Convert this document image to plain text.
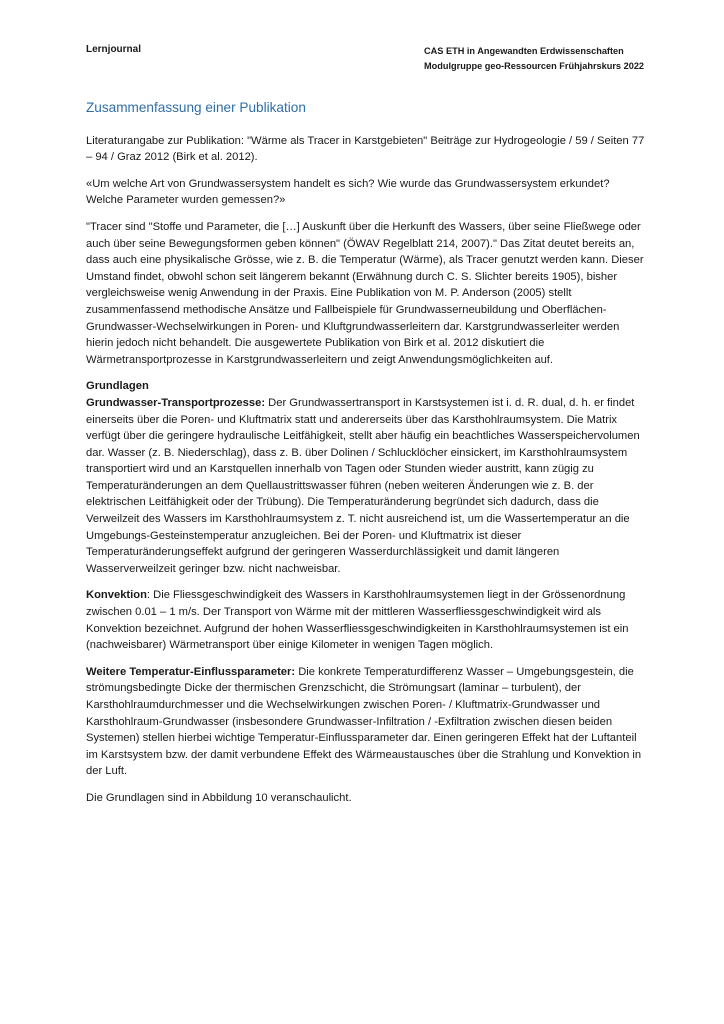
Lernjournal	CAS ETH in Angewandten Erdwissenschaften
Modulgruppe geo-Ressourcen Frühjahrskurs 2022
Zusammenfassung einer Publikation

Literaturangabe zur Publikation: "Wärme als Tracer in Karstgebieten" Beiträge zur Hydrogeologie / 59 / Seiten 77 – 94 / Graz 2012 (Birk et al. 2012).

«Um welche Art von Grundwassersystem handelt es sich? Wie wurde das Grundwassersystem erkundet? Welche Parameter wurden gemessen?»

"Tracer sind "Stoffe und Parameter, die […] Auskunft über die Herkunft des Wassers, über seine Fließwege oder auch über seine Bewegungsformen geben können" (ÖWAV Regelblatt 214, 2007)." Das Zitat deutet bereits an, dass auch eine physikalische Grösse, wie z. B. die Temperatur (Wärme), als Tracer genutzt werden kann. Dieser Umstand findet, obwohl schon seit längerem bekannt (Erwähnung durch C. S. Slichter bereits 1905), bisher vergleichsweise wenig Anwendung in der Praxis. Eine Publikation von M. P. Anderson (2005) stellt zusammenfassend methodische Ansätze und Fallbeispiele für Grundwasserneubildung und Oberflächen-Grundwasser-Wechselwirkungen in Poren- und Kluftgrundwasserleitern dar. Karstgrundwasserleiter werden hierin jedoch nicht behandelt. Die ausgewertete Publikation von Birk et al. 2012 diskutiert die Wärmetransportprozesse in Karstgrundwasserleitern und zeigt Anwendungsmöglichkeiten auf.

Grundlagen

Grundwasser-Transportprozesse: Der Grundwassertransport in Karstsystemen ist i. d. R. dual, d. h. er findet einerseits über die Poren- und Kluftmatrix statt und andererseits über das Karsthohlraumsystem. Die Matrix verfügt über die geringere hydraulische Leitfähigkeit, stellt aber häufig ein beachtliches Wasserspeichervolumen dar. Wasser (z. B. Niederschlag), dass z. B. über Dolinen / Schlucklöcher einsickert, im Karsthohlraumsystem transportiert wird und an Karstquellen innerhalb von Tagen oder Stunden wieder austritt, kann zügig zu Temperaturänderungen an dem Quellaustrittswasser führen (neben weiteren Änderungen wie z. B. der elektrischen Leitfähigkeit oder der Trübung). Die Temperaturänderung begründet sich dadurch, dass die Verweilzeit des Wassers im Karsthohlraumsystem z. T. nicht ausreichend ist, um die Wassertemperatur an die Umgebungs-Gesteinstemperatur anzugleichen. Bei der Poren- und Kluftmatrix ist dieser Temperaturänderungseffekt aufgrund der geringeren Wasserdurchlässigkeit und damit längeren Wasserverweilzeit geringer bzw. nicht nachweisbar.

Konvektion: Die Fliessgeschwindigkeit des Wassers in Karsthohlraumsystemen liegt in der Grössenordnung zwischen 0.01 – 1 m/s. Der Transport von Wärme mit der mittleren Wasserfliessgeschwindigkeit wird als Konvektion bezeichnet. Aufgrund der hohen Wasserfliessgeschwindigkeiten in Karsthohlraumsystemen ist ein (nachweisbarer) Wärmetransport über einige Kilometer in wenigen Tagen möglich.

Weitere Temperatur-Einflussparameter: Die konkrete Temperaturdifferenz Wasser – Umgebungsgestein, die strömungsbedingte Dicke der thermischen Grenzschicht, die Strömungsart (laminar – turbulent), der Karsthohlraumdurchmesser und die Wechselwirkungen zwischen Poren- / Kluftmatrix-Grundwasser und Karsthohlraum-Grundwasser (insbesondere Grundwasser-Infiltration / -Exfiltration zwischen diesen beiden Systemen) stellen hierbei wichtige Temperatur-Einflussparameter dar. Einen geringeren Effekt hat der Luftanteil im Karstsystem bzw. der damit verbundene Effekt des Wärmeaustausches über die Strahlung und Konvektion in der Luft.

Die Grundlagen sind in Abbildung 10 veranschaulicht.
